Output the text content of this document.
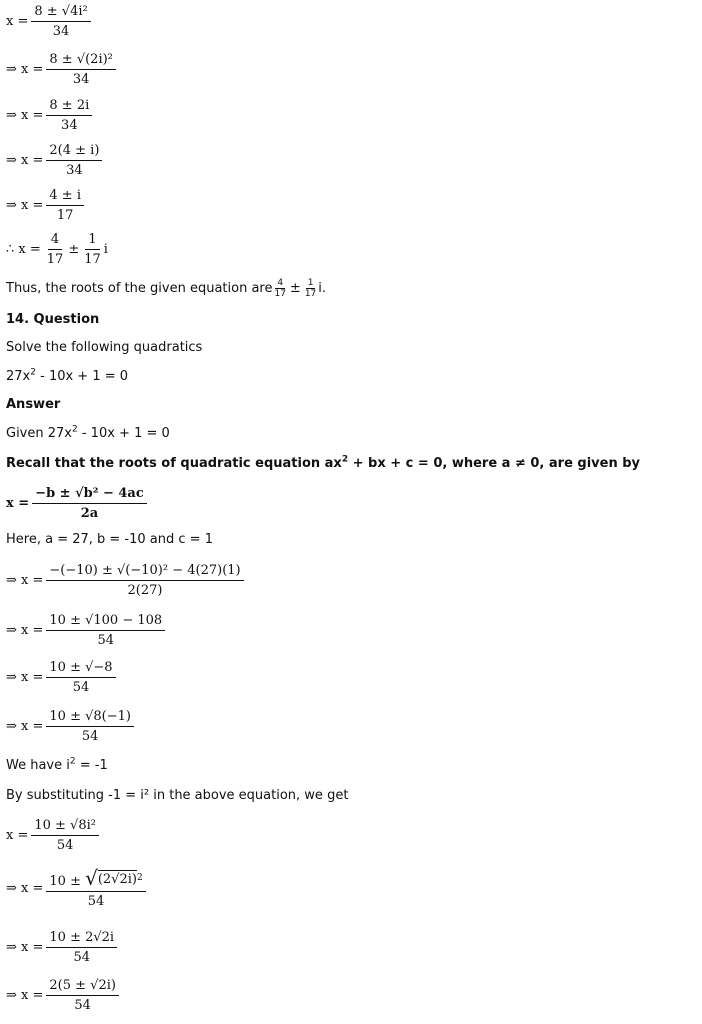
$x = \frac{\text{8 ± √4i²}}{34}$
⇒ $x = \frac{\text{8 ± √(2i)²}}{34}$
⇒ $x = \frac{8 \pm 2i}{34}$
⇒ $x = \frac{2(4 \pm i)}{34}$
⇒ $x = \frac{4 \pm i}{17}$
∴ $x = \frac{4}{17} \pm \frac{1}{17}$ i
Thus, the roots of the given equation are $\frac{4}{17} \pm \frac{1}{17} i$.
14. Question
Solve the following quadratics
$27x^2 - 10x + 1 = 0$
Answer
Given $27x^2 - 10x + 1 = 0$
Recall that the roots of quadratic equation $ax^2$ + bx + c = 0, where a ≠ 0, are given by
$x = \frac{\text{−b ± √b² − 4ac}}{2a}$
Here, a = 27, b = -10 and c = 1
⇒ $x = \frac{\text{−(−10) ± √(−10)² − 4(27)(1)}}{2(27)}$
⇒ $x = \frac{10 \pm √100 - 108}{54}$
⇒ $x = \frac{10 \pm √-8}{54}$
⇒ $x = \frac{10 \pm √8(-1)}{54}$
We have $i^2 = -1$
By substituting -1 = i² in the above equation, we get
$x = \frac{\text{10 ± √8i²}}{54}$
⇒ $x = \frac{10 \pm √ (2√2i) 2}{54}$
⇒ $x = \frac{10 \pm 2√2i}{54}$
⇒ $x = \frac{2(5 \pm √2i)}{54}$
